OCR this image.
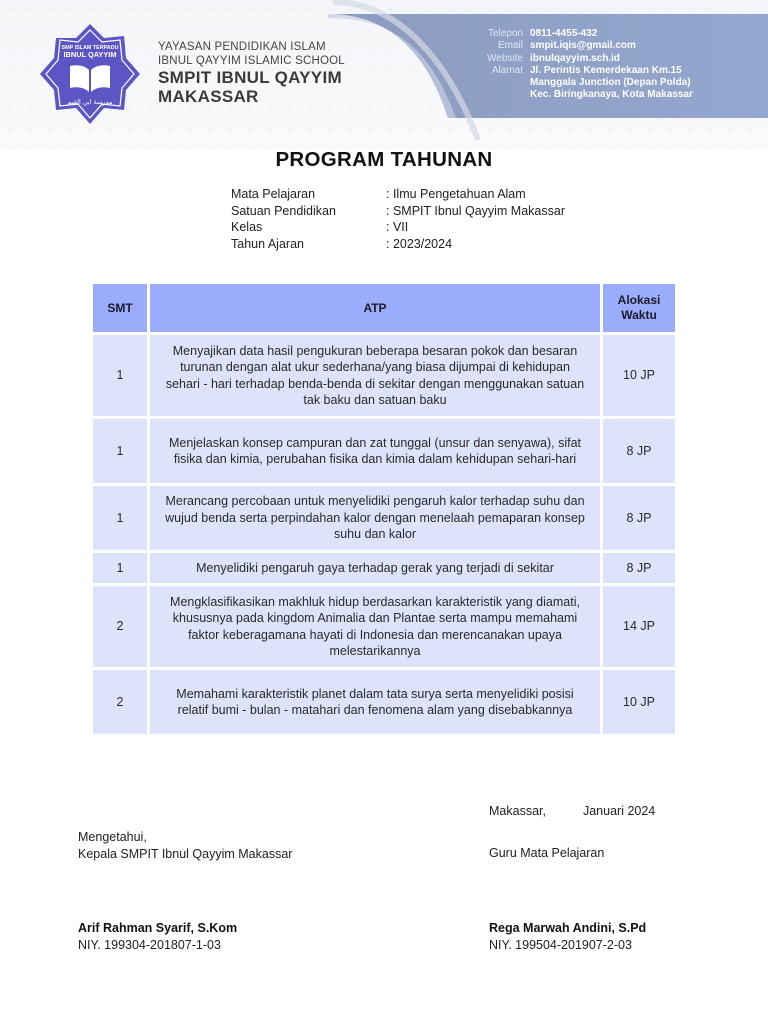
SMP ISLAM TERPADU
IBNUL QAYYIM
مدرسة ابن القيم
YAYASAN PENDIDIKAN ISLAM
IBNUL QAYYIM ISLAMIC SCHOOL
SMPIT IBNUL QAYYIM
MAKASSAR
Telepon 0811-4455-432
Email smpit.iqis@gmail.com
Website ibnulqayyim.sch.id
Alamat Jl. Perintis Kemerdekaan Km.15
Manggala Junction (Depan Polda)
Kec. Biringkanaya, Kota Makassar
PROGRAM TAHUNAN
Mata Pelajaran	: Ilmu Pengetahuan Alam
Satuan Pendidikan	: SMPIT Ibnul Qayyim Makassar
Kelas	: VII
Tahun Ajaran	: 2023/2024
SMT	ATP	Alokasi Waktu
1	Menyajikan data hasil pengukuran beberapa besaran pokok dan besaran turunan dengan alat ukur sederhana/yang biasa dijumpai di kehidupan sehari - hari terhadap benda-benda di sekitar dengan menggunakan satuan tak baku dan satuan baku	10 JP
1	Menjelaskan konsep campuran dan zat tunggal (unsur dan senyawa), sifat fisika dan kimia, perubahan fisika dan kimia dalam kehidupan sehari-hari	8 JP
1	Merancang percobaan untuk menyelidiki pengaruh kalor terhadap suhu dan wujud benda serta perpindahan kalor dengan menelaah pemaparan konsep suhu dan kalor	8 JP
1	Menyelidiki pengaruh gaya terhadap gerak yang terjadi di sekitar	8 JP
2	Mengklasifikasikan makhluk hidup berdasarkan karakteristik yang diamati, khususnya pada kingdom Animalia dan Plantae serta mampu memahami faktor keberagamana hayati di Indonesia dan merencanakan upaya melestarikannya	14 JP
2	Memahami karakteristik planet dalam tata surya serta menyelidiki posisi relatif bumi - bulan - matahari dan fenomena alam yang disebabkannya	10 JP
Makassar,	Januari 2024
Mengetahui,
Kepala SMPIT Ibnul Qayyim Makassar	Guru Mata Pelajaran
Arif Rahman Syarif, S.Kom
NIY. 199304-201807-1-03
Rega Marwah Andini, S.Pd
NIY. 199504-201907-2-03
